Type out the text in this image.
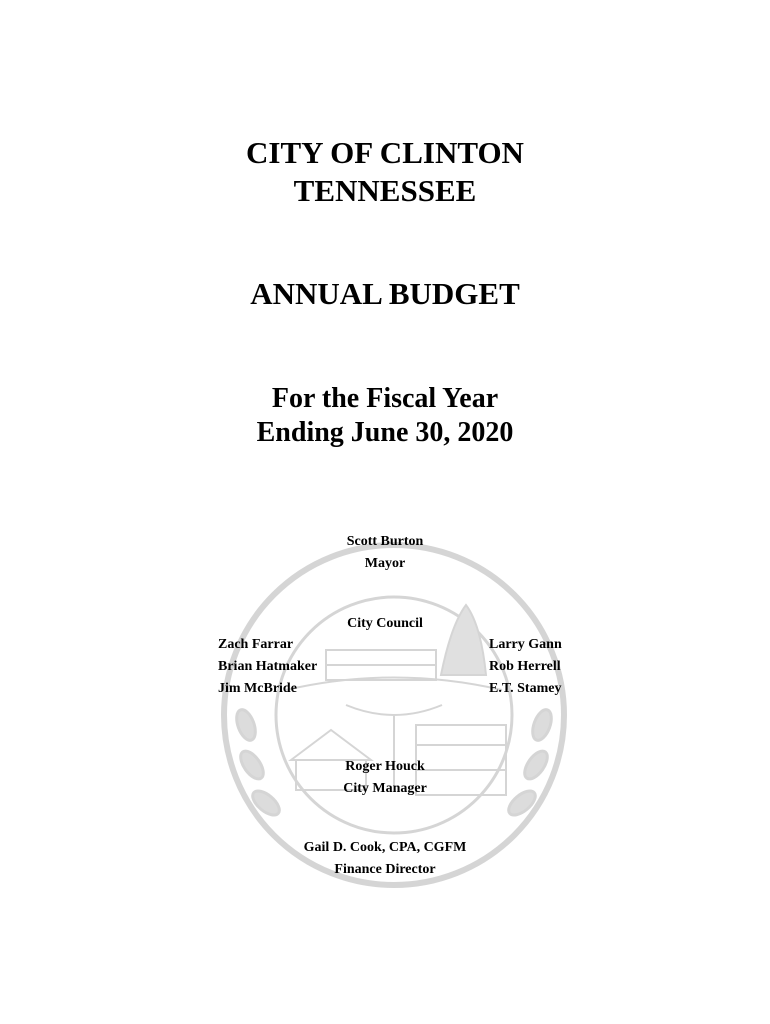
CITY OF CLINTON
TENNESSEE
ANNUAL BUDGET
For the Fiscal Year
Ending June 30, 2020
Scott Burton
Mayor
City Council
Zach Farrar
Brian Hatmaker
Jim McBride
Larry Gann
Rob Herrell
E.T. Stamey
Roger Houck
City Manager
Gail D. Cook, CPA, CGFM
Finance Director
